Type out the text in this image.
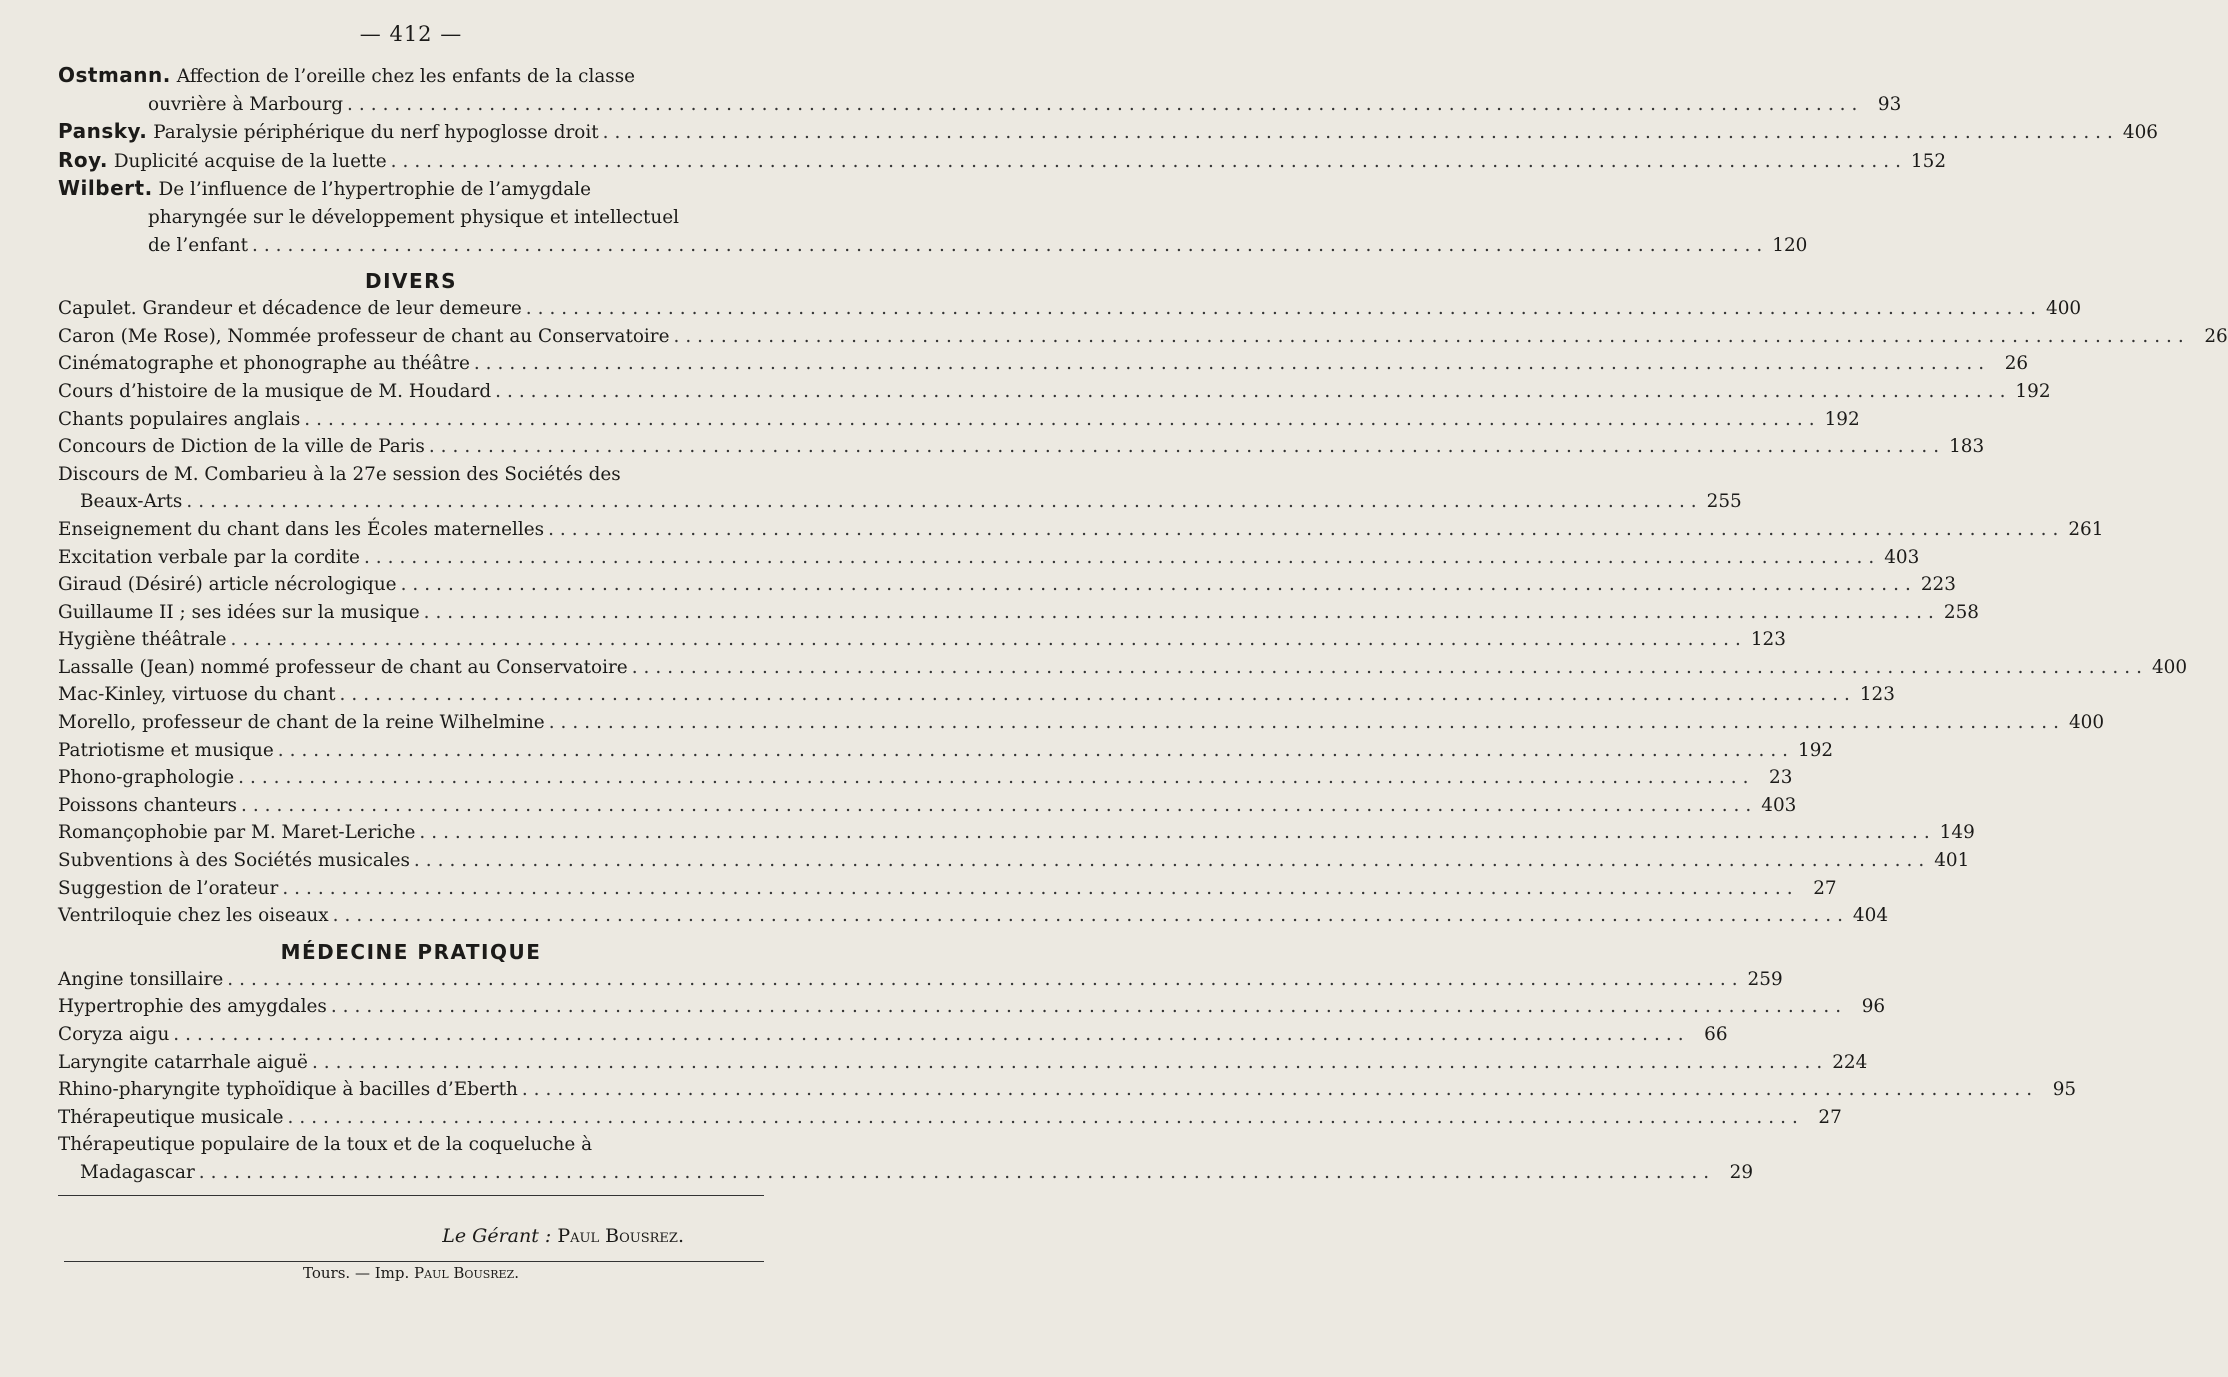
— 412 —
Ostmann. Affection de l’oreille chez les enfants de la classe
ouvrière à Marbourg .....	93
Pansky. Paralysie périphérique du nerf hypoglosse droit .....	406
Roy. Duplicité acquise de la luette .....	152
Wilbert. De l’influence de l’hypertrophie de l’amygdale
pharyngée sur le développement physique et intellectuel
de l’enfant .....	120
DIVERS
Capulet. Grandeur et décadence de leur demeure .....	400
Caron (Me Rose), Nommée professeur de chant au Conservatoire .....	26
Cinématographe et phonographe au théâtre .....	26
Cours d’histoire de la musique de M. Houdard .....	192
Chants populaires anglais .....	192
Concours de Diction de la ville de Paris .....	183
Discours de M. Combarieu à la 27e session des Sociétés des
Beaux-Arts .....	255
Enseignement du chant dans les Écoles maternelles .....	261
Excitation verbale par la cordite .....	403
Giraud (Désiré) article nécrologique .....	223
Guillaume II ; ses idées sur la musique .....	258
Hygiène théâtrale .....	123
Lassalle (Jean) nommé professeur de chant au Conservatoire .....	400
Mac-Kinley, virtuose du chant .....	123
Morello, professeur de chant de la reine Wilhelmine .....	400
Patriotisme et musique .....	192
Phono-graphologie .....	23
Poissons chanteurs .....	403
Romançophobie par M. Maret-Leriche .....	149
Subventions à des Sociétés musicales .....	401
Suggestion de l’orateur .....	27
Ventriloquie chez les oiseaux .....	404
MÉDECINE PRATIQUE
Angine tonsillaire .....	259
Hypertrophie des amygdales .....	96
Coryza aigu .....	66
Laryngite catarrhale aiguë .....	224
Rhino-pharyngite typhoïdique à bacilles d’Eberth .....	95
Thérapeutique musicale .....	27
Thérapeutique populaire de la toux et de la coqueluche à
Madagascar .....	29
Le Gérant : Paul Bousrez.
Tours. — Imp. Paul Bousrez.
